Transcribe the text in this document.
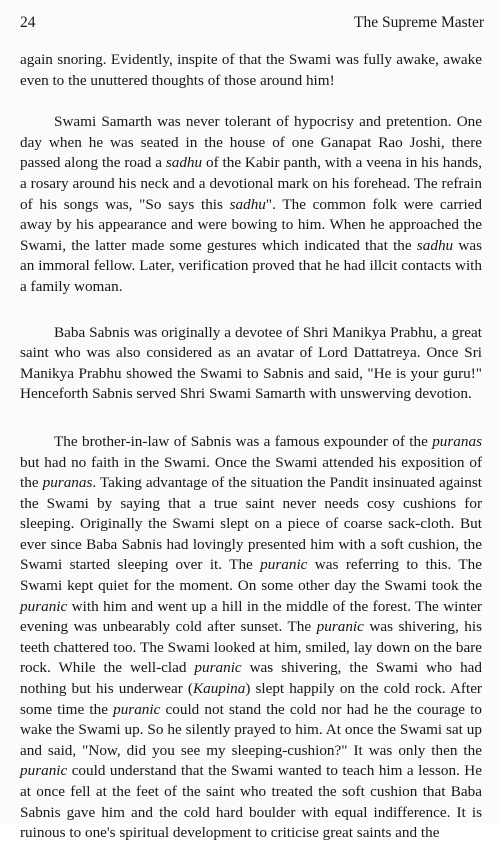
24	The Supreme Master

again snoring. Evidently, inspite of that the Swami was fully awake, awake even to the unuttered thoughts of those around him!

Swami Samarth was never tolerant of hypocrisy and pretention. One day when he was seated in the house of one Ganapat Rao Joshi, there passed along the road a sadhu of the Kabir panth, with a veena in his hands, a rosary around his neck and a devotional mark on his forehead. The refrain of his songs was, "So says this sadhu". The common folk were carried away by his appearance and were bowing to him. When he approached the Swami, the latter made some gestures which indicated that the sadhu was an immoral fellow. Later, verification proved that he had illcit contacts with a family woman.

Baba Sabnis was originally a devotee of Shri Manikya Prabhu, a great saint who was also considered as an avatar of Lord Dattatreya. Once Sri Manikya Prabhu showed the Swami to Sabnis and said, "He is your guru!" Henceforth Sabnis served Shri Swami Samarth with unswerving devotion.

The brother-in-law of Sabnis was a famous expounder of the puranas but had no faith in the Swami. Once the Swami attended his exposition of the puranas. Taking advantage of the situation the Pandit insinuated against the Swami by saying that a true saint never needs cosy cushions for sleeping. Originally the Swami slept on a piece of coarse sack-cloth. But ever since Baba Sabnis had lovingly presented him with a soft cushion, the Swami started sleeping over it. The puranic was referring to this. The Swami kept quiet for the moment. On some other day the Swami took the puranic with him and went up a hill in the middle of the forest. The winter evening was unbearably cold after sunset. The puranic was shivering, his teeth chattered too. The Swami looked at him, smiled, lay down on the bare rock. While the well-clad puranic was shivering, the Swami who had nothing but his underwear (Kaupina) slept happily on the cold rock. After some time the puranic could not stand the cold nor had he the courage to wake the Swami up. So he silently prayed to him. At once the Swami sat up and said, "Now, did you see my sleeping-cushion?" It was only then the puranic could understand that the Swami wanted to teach him a lesson. He at once fell at the feet of the saint who treated the soft cushion that Baba Sabnis gave him and the cold hard boulder with equal indifference. It is ruinous to one's spiritual development to criticise great saints and the
